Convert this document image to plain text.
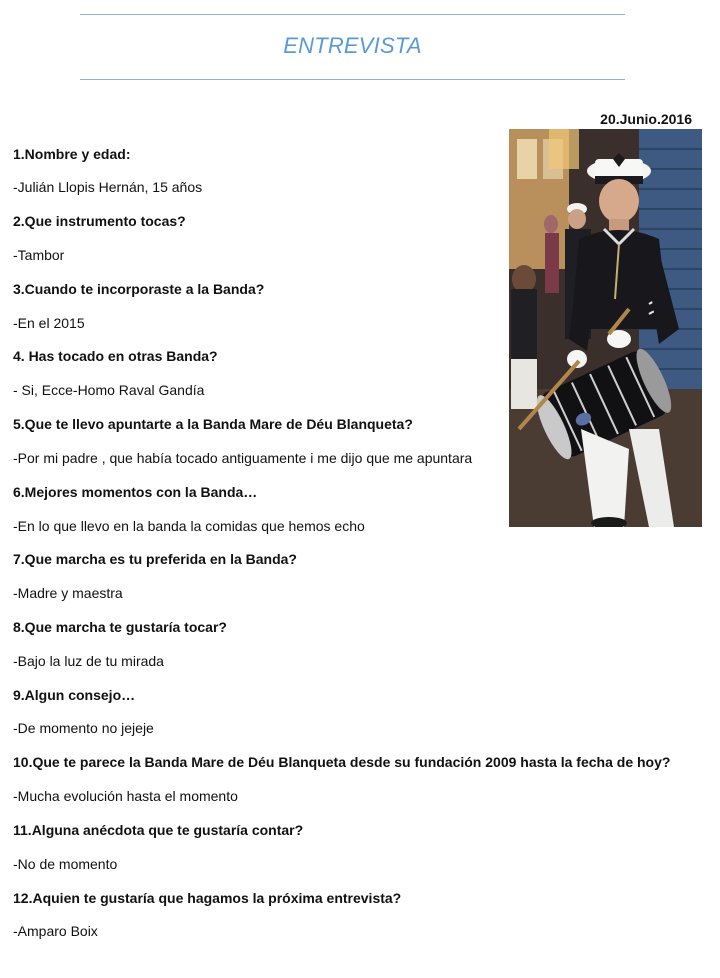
ENTREVISTA
20.Junio.2016
1.Nombre y edad:
-Julián Llopis Hernán, 15 años
2.Que instrumento tocas?
-Tambor
3.Cuando te incorporaste a la Banda?
-En el 2015
4. Has tocado en otras Banda?
- Si, Ecce-Homo Raval Gandía
5.Que te llevo apuntarte a la Banda Mare de Déu Blanqueta?
-Por mi padre , que había tocado antiguamente i me dijo que me apuntara
6.Mejores momentos con la Banda…
-En lo que llevo en la banda la comidas que hemos echo
7.Que marcha es tu preferida en la Banda?
-Madre y maestra
8.Que marcha te gustaría tocar?
-Bajo la luz de tu mirada
9.Algun consejo…
-De momento no jejeje
10.Que te parece la Banda Mare de Déu Blanqueta desde su fundación 2009 hasta la fecha de hoy?
-Mucha evolución hasta el momento
11.Alguna anécdota que te gustaría contar?
-No de momento
12.Aquien te gustaría que hagamos la próxima entrevista?
-Amparo Boix
